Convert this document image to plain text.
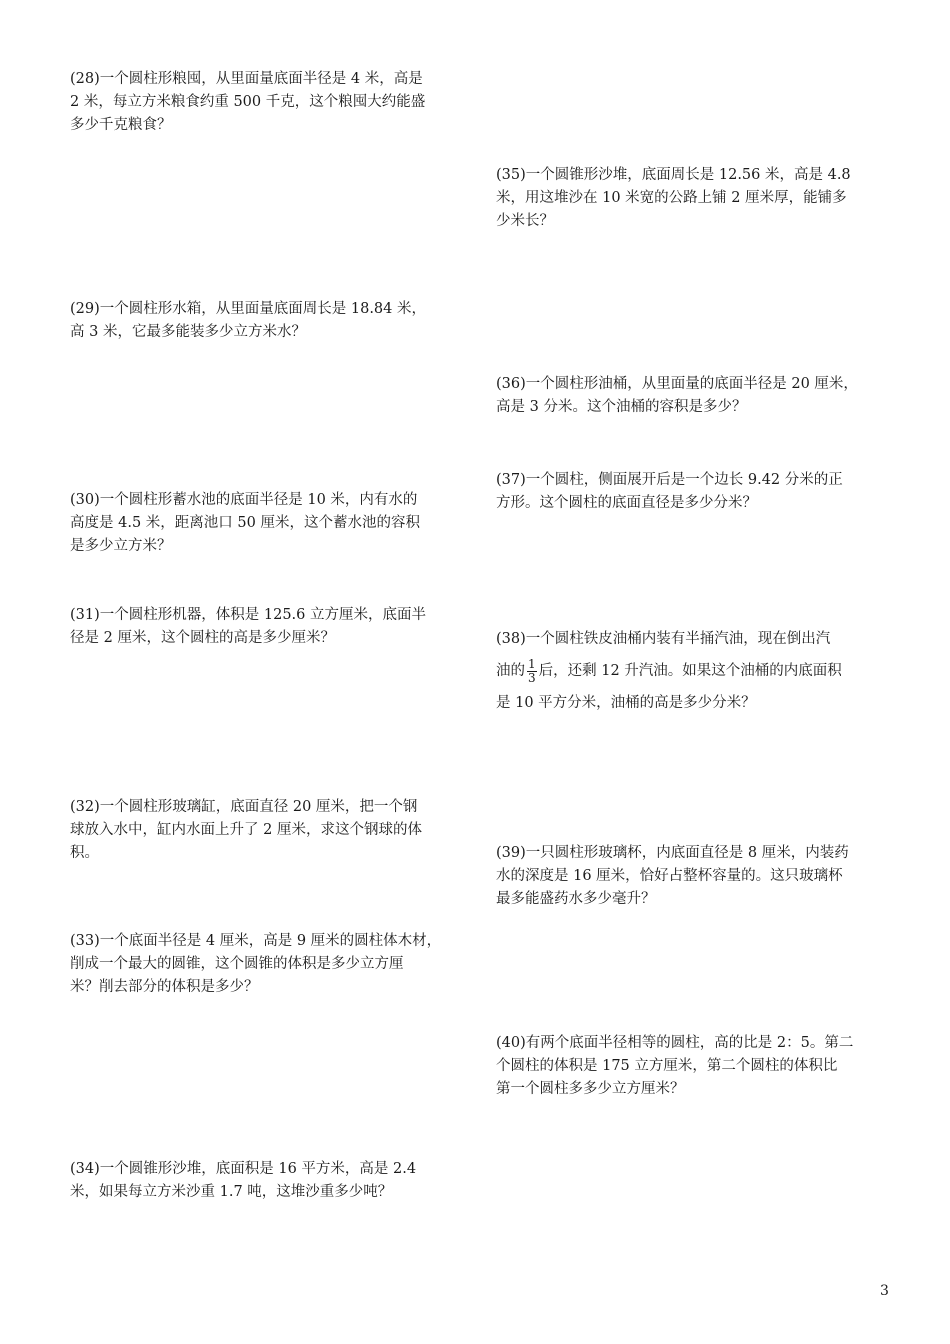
(28)一个圆柱形粮囤，从里面量底面半径是 4 米，高是
2 米，每立方米粮食约重 500 千克，这个粮囤大约能盛
多少千克粮食？
(29)一个圆柱形水箱，从里面量底面周长是 18.84 米，
高 3 米，它最多能装多少立方米水？
(30)一个圆柱形蓄水池的底面半径是 10 米，内有水的
高度是 4.5 米，距离池口 50 厘米，这个蓄水池的容积
是多少立方米？
(31)一个圆柱形机器，体积是 125.6 立方厘米，底面半
径是 2 厘米，这个圆柱的高是多少厘米？
(32)一个圆柱形玻璃缸，底面直径 20 厘米，把一个钢
球放入水中，缸内水面上升了 2 厘米，求这个钢球的体
积。
(33)一个底面半径是 4 厘米，高是 9 厘米的圆柱体木材，
削成一个最大的圆锥，这个圆锥的体积是多少立方厘
米？削去部分的体积是多少？
(34)一个圆锥形沙堆，底面积是 16 平方米，高是 2.4
米，如果每立方米沙重 1.7 吨，这堆沙重多少吨？
(35)一个圆锥形沙堆，底面周长是 12.56 米，高是 4.8
米，用这堆沙在 10 米宽的公路上铺 2 厘米厚，能铺多
少米长？
(36)一个圆柱形油桶，从里面量的底面半径是 20 厘米，
高是 3 分米。这个油桶的容积是多少？
(37)一个圆柱，侧面展开后是一个边长 9.42 分米的正
方形。这个圆柱的底面直径是多少分米？
(38)一个圆柱铁皮油桶内装有半捅汽油，现在倒出汽
油的 $\frac{1}{3}$ 后，还剩 12 升汽油。如果这个油桶的内底面积
是 10 平方分米，油桶的高是多少分米？
(39)一只圆柱形玻璃杯，内底面直径是 8 厘米，内装药
水的深度是 16 厘米，恰好占整杯容量的。这只玻璃杯
最多能盛药水多少毫升？
(40)有两个底面半径相等的圆柱，高的比是 2：5。第二
个圆柱的体积是 175 立方厘米，第二个圆柱的体积比
第一个圆柱多多少立方厘米？
3
